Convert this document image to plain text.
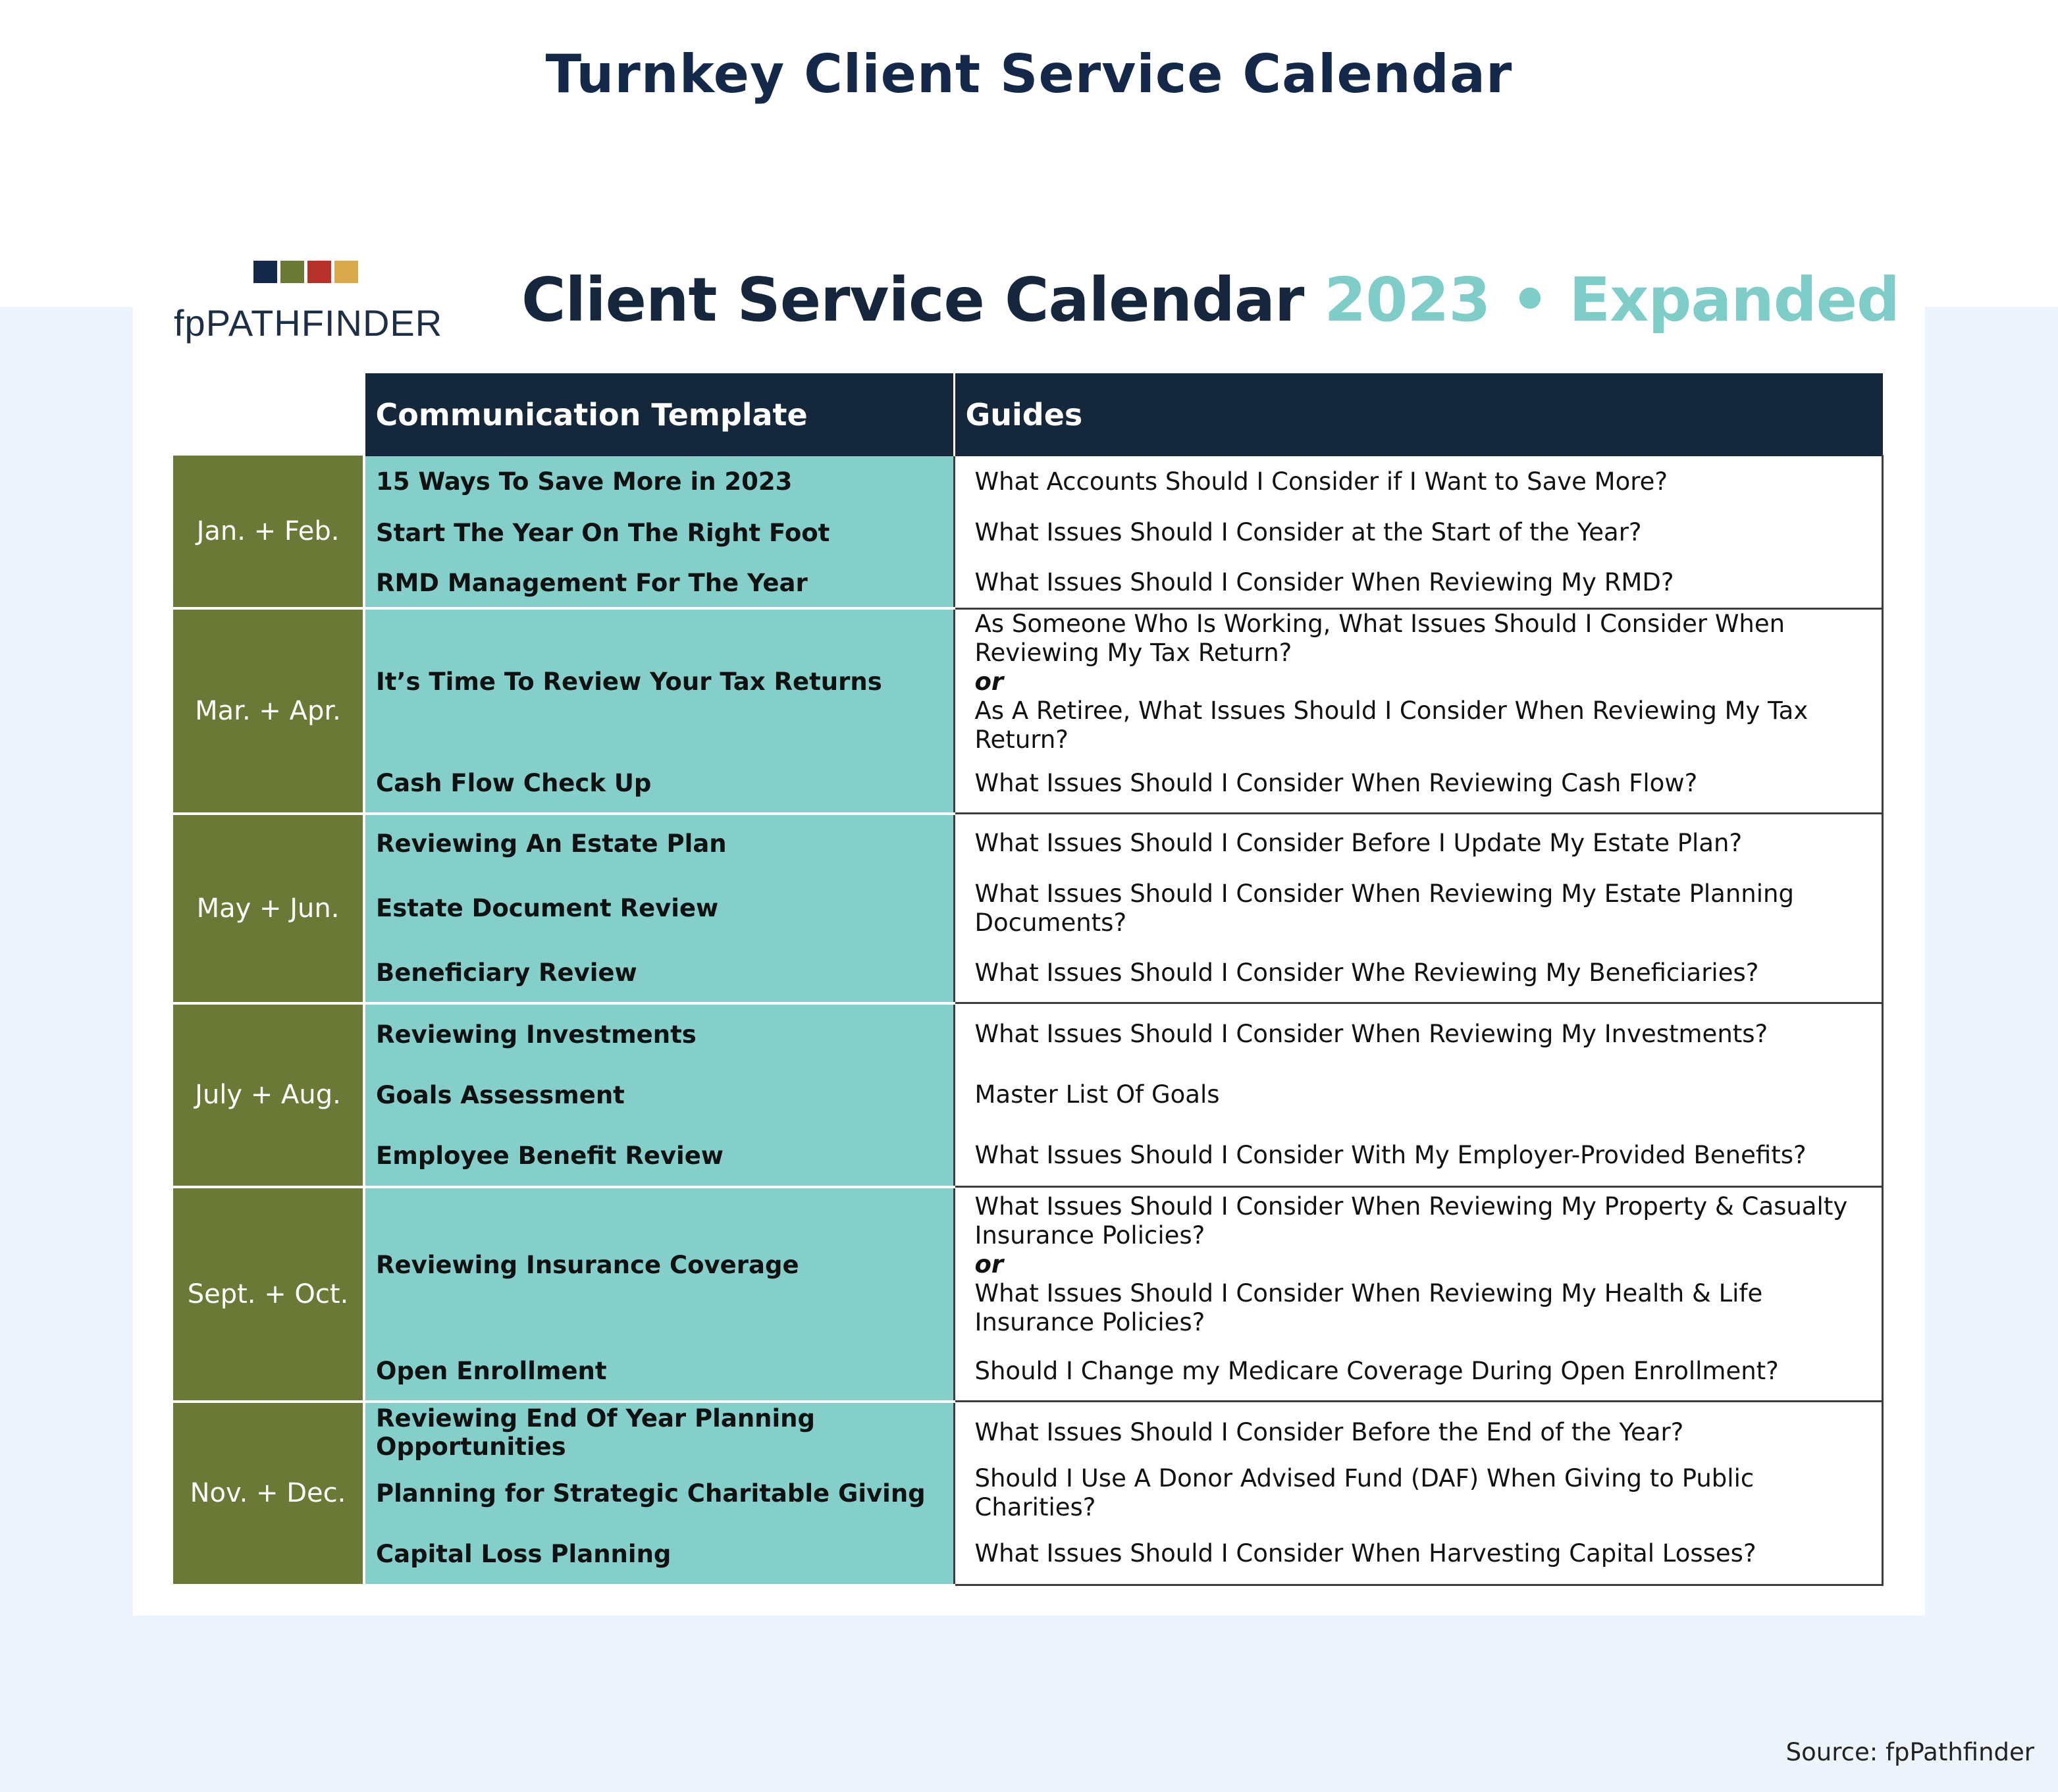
Turnkey Client Service Calendar
fpPATHFINDER Client Service Calendar 2023 • Expanded
	Communication Template	Guides
Jan. + Feb.	15 Ways To Save More in 2023	What Accounts Should I Consider if I Want to Save More?
	Start The Year On The Right Foot	What Issues Should I Consider at the Start of the Year?
	RMD Management For The Year	What Issues Should I Consider When Reviewing My RMD?
Mar. + Apr.	It’s Time To Review Your Tax Returns	As Someone Who Is Working, What Issues Should I Consider When Reviewing My Tax Return?
or
As A Retiree, What Issues Should I Consider When Reviewing My Tax Return?

	Cash Flow Check Up	What Issues Should I Consider When Reviewing Cash Flow?
May + Jun.	Reviewing An Estate Plan	What Issues Should I Consider Before I Update My Estate Plan?
	Estate Document Review	What Issues Should I Consider When Reviewing My Estate Planning Documents?
	Beneficiary Review	What Issues Should I Consider Whe Reviewing My Beneficiaries?
July + Aug.	Reviewing Investments	What Issues Should I Consider When Reviewing My Investments?
	Goals Assessment	Master List Of Goals
	Employee Benefit Review	What Issues Should I Consider With My Employer-Provided Benefits?
Sept. + Oct.	Reviewing Insurance Coverage	What Issues Should I Consider When Reviewing My Property & Casualty Insurance Policies?
or
What Issues Should I Consider When Reviewing My Health & Life Insurance Policies?

	Open Enrollment	Should I Change my Medicare Coverage During Open Enrollment?
Nov. + Dec.	Reviewing End Of Year Planning Opportunities	What Issues Should I Consider Before the End of the Year?
	Planning for Strategic Charitable Giving	Should I Use A Donor Advised Fund (DAF) When Giving to Public Charities?
	Capital Loss Planning	What Issues Should I Consider When Harvesting Capital Losses?
Source: fpPathfinder
